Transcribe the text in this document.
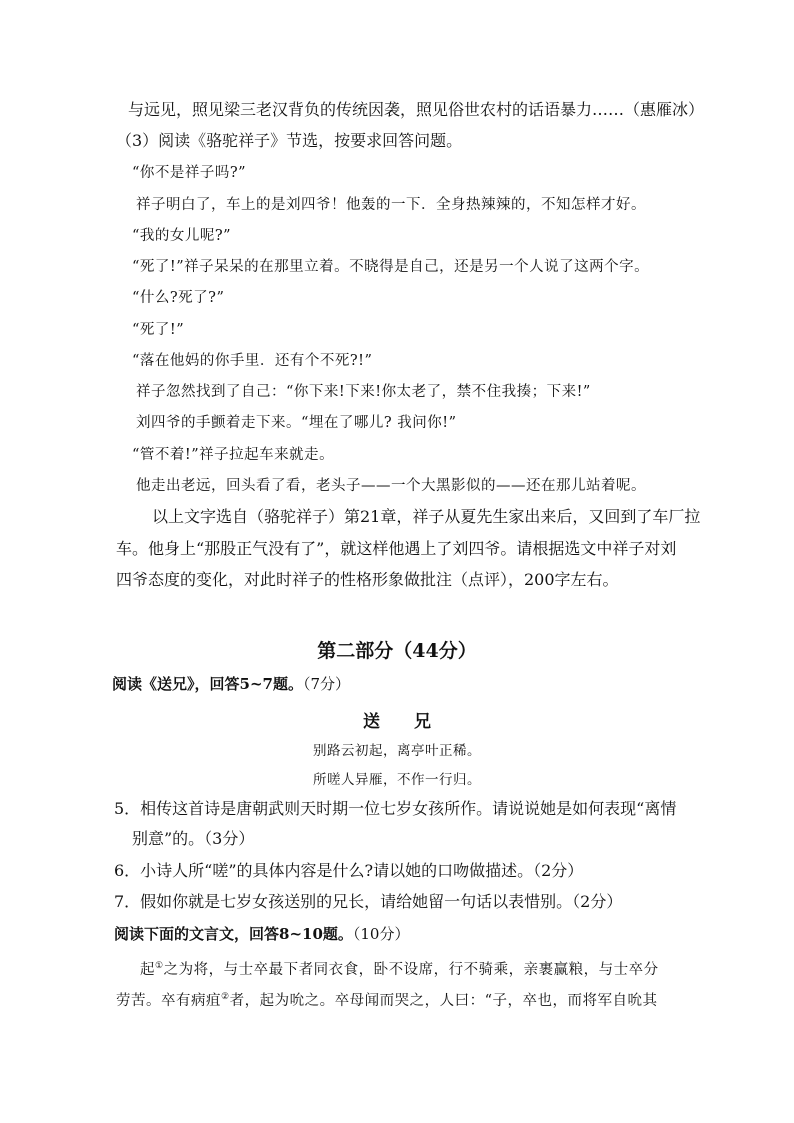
与远见，照见梁三老汉背负的传统因袭，照见俗世农村的话语暴力……（惠雁冰）
（3）阅读《骆驼祥子》节选，按要求回答问题。
“你不是祥子吗?”
祥子明白了，车上的是刘四爷！他轰的一下．全身热辣辣的，不知怎样才好。
“我的女儿呢?”
“死了!”祥子呆呆的在那里立着。不晓得是自己，还是另一个人说了这两个字。
“什么?死了?”
“死了!”
“落在他妈的你手里．还有个不死?!”
祥子忽然找到了自己：“你下来!下来!你太老了，禁不住我揍；下来!”
刘四爷的手颤着走下来。“埋在了哪儿? 我问你!”
“管不着!”祥子拉起车来就走。
他走出老远，回头看了看，老头子——一个大黑影似的——还在那儿站着呢。
以上文字选自（骆驼祥子）第21章，祥子从夏先生家出来后，又回到了车厂拉
车。他身上“那股正气没有了”，就这样他遇上了刘四爷。请根据选文中祥子对刘
四爷态度的变化，对此时祥子的性格形象做批注（点评），200字左右。
第二部分（44分）
阅读《送兄》，回答5~7题。（7分）
送　　兄
别路云初起，离亭叶正稀。
所嗟人异雁，不作一行归。
5．相传这首诗是唐朝武则天时期一位七岁女孩所作。请说说她是如何表现“离情
别意”的。（3分）
6．小诗人所“嗟”的具体内容是什么?请以她的口吻做描述。（2分）
7．假如你就是七岁女孩送别的兄长，请给她留一句话以表惜别。（2分）
阅读下面的文言文，回答8~10题。（10分）
起①之为将，与士卒最下者同衣食，卧不设席，行不骑乘，亲裹赢粮，与士卒分
劳苦。卒有病疽②者，起为吮之。卒母闻而哭之，人曰：“子，卒也，而将军自吮其
